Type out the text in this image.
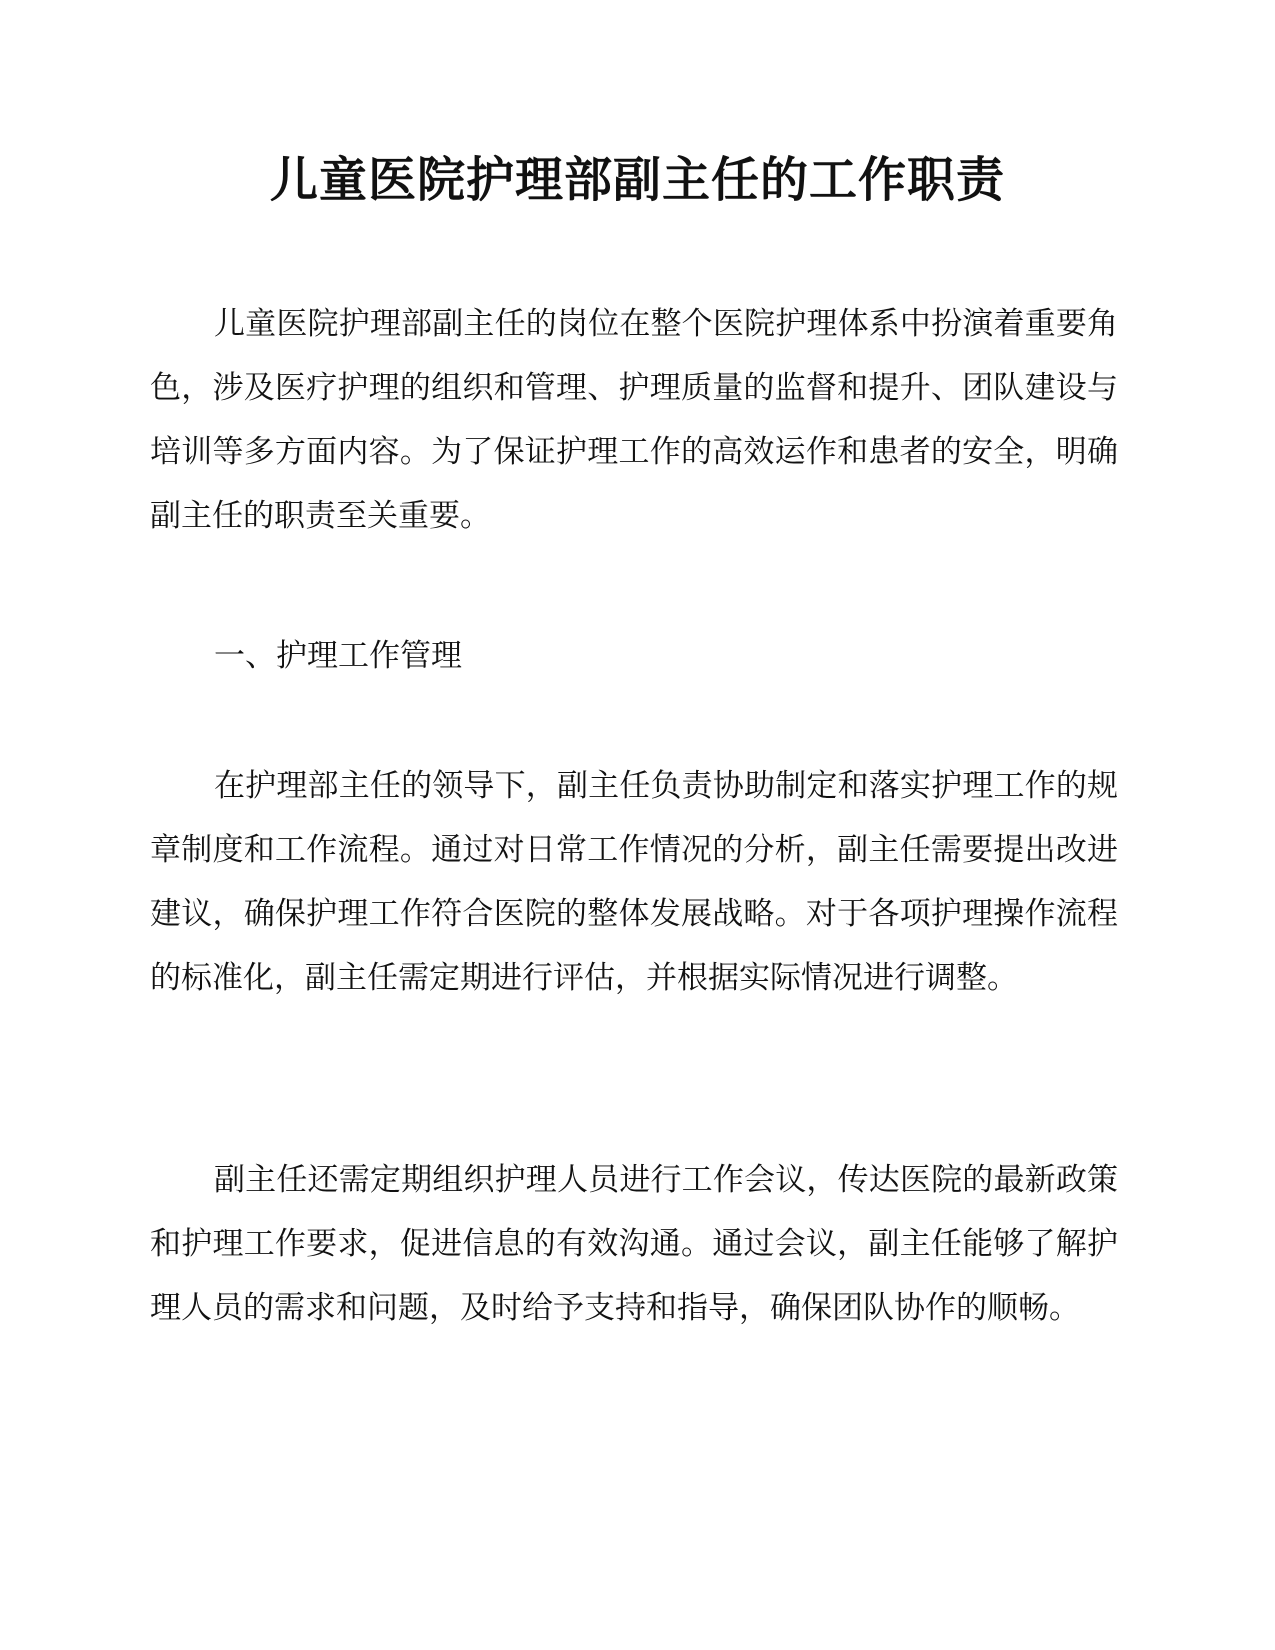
儿童医院护理部副主任的工作职责

儿童医院护理部副主任的岗位在整个医院护理体系中扮演着重要角色，涉及医疗护理的组织和管理、护理质量的监督和提升、团队建设与培训等多方面内容。为了保证护理工作的高效运作和患者的安全，明确副主任的职责至关重要。

一、护理工作管理

在护理部主任的领导下，副主任负责协助制定和落实护理工作的规章制度和工作流程。通过对日常工作情况的分析，副主任需要提出改进建议，确保护理工作符合医院的整体发展战略。对于各项护理操作流程的标准化，副主任需定期进行评估，并根据实际情况进行调整。

副主任还需定期组织护理人员进行工作会议，传达医院的最新政策和护理工作要求，促进信息的有效沟通。通过会议，副主任能够了解护理人员的需求和问题，及时给予支持和指导，确保团队协作的顺畅。
